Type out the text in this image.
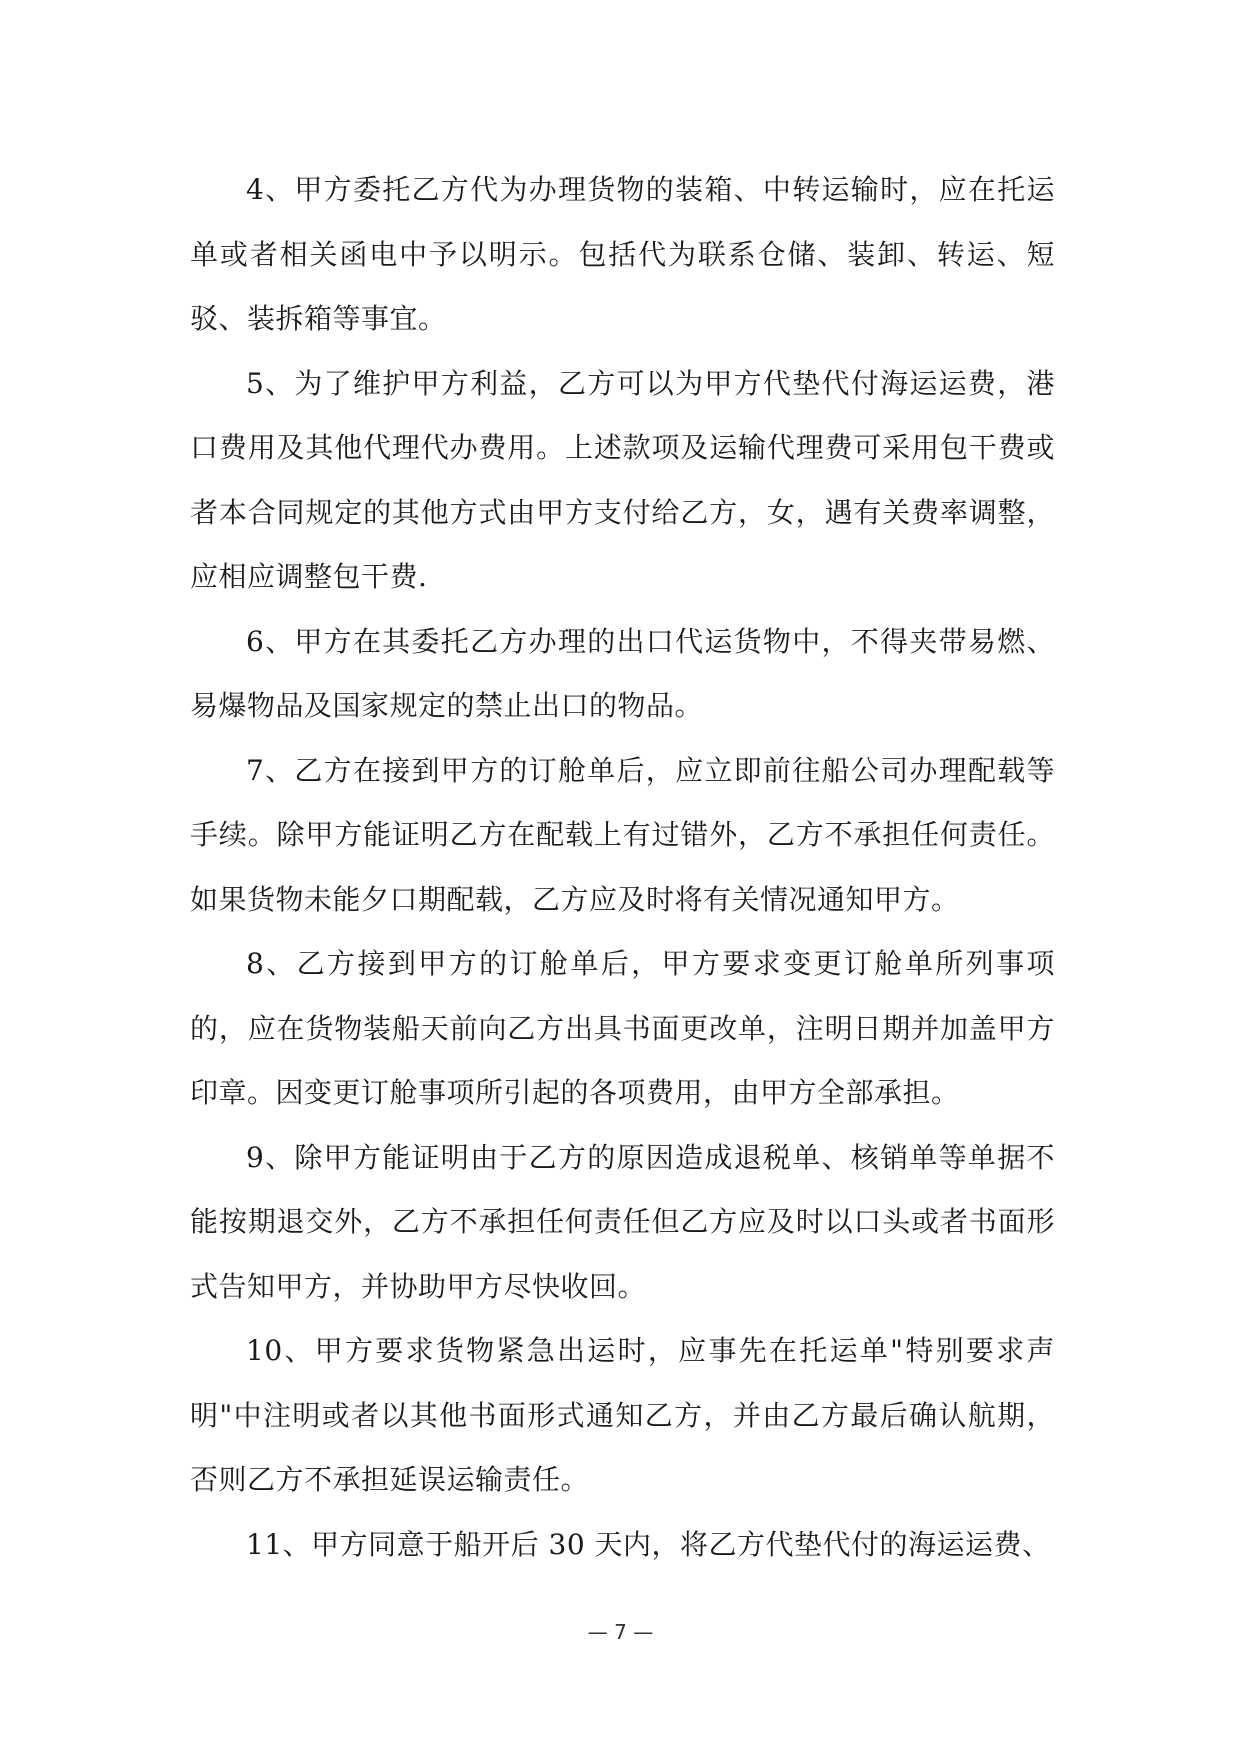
4、甲方委托乙方代为办理货物的装箱、中转运输时，应在托运单或者相关函电中予以明示。包括代为联系仓储、装卸、转运、短驳、装拆箱等事宜。

5、为了维护甲方利益，乙方可以为甲方代垫代付海运运费，港口费用及其他代理代办费用。上述款项及运输代理费可采用包干费或者本合同规定的其他方式由甲方支付给乙方，女，遇有关费率调整，应相应调整包干费.

6、甲方在其委托乙方办理的出口代运货物中，不得夹带易燃、易爆物品及国家规定的禁止出口的物品。

7、乙方在接到甲方的订舱单后，应立即前往船公司办理配载等手续。除甲方能证明乙方在配载上有过错外，乙方不承担任何责任。如果货物未能夕口期配载，乙方应及时将有关情况通知甲方。

8、乙方接到甲方的订舱单后，甲方要求变更订舱单所列事项的，应在货物装船天前向乙方出具书面更改单，注明日期并加盖甲方印章。因变更订舱事项所引起的各项费用，由甲方全部承担。

9、除甲方能证明由于乙方的原因造成退税单、核销单等单据不能按期退交外，乙方不承担任何责任但乙方应及时以口头或者书面形式告知甲方，并协助甲方尽快收回。

10、甲方要求货物紧急出运时，应事先在托运单"特别要求声明"中注明或者以其他书面形式通知乙方，并由乙方最后确认航期，否则乙方不承担延误运输责任。

11、甲方同意于船开后 30 天内，将乙方代垫代付的海运运费、

— 7 —
